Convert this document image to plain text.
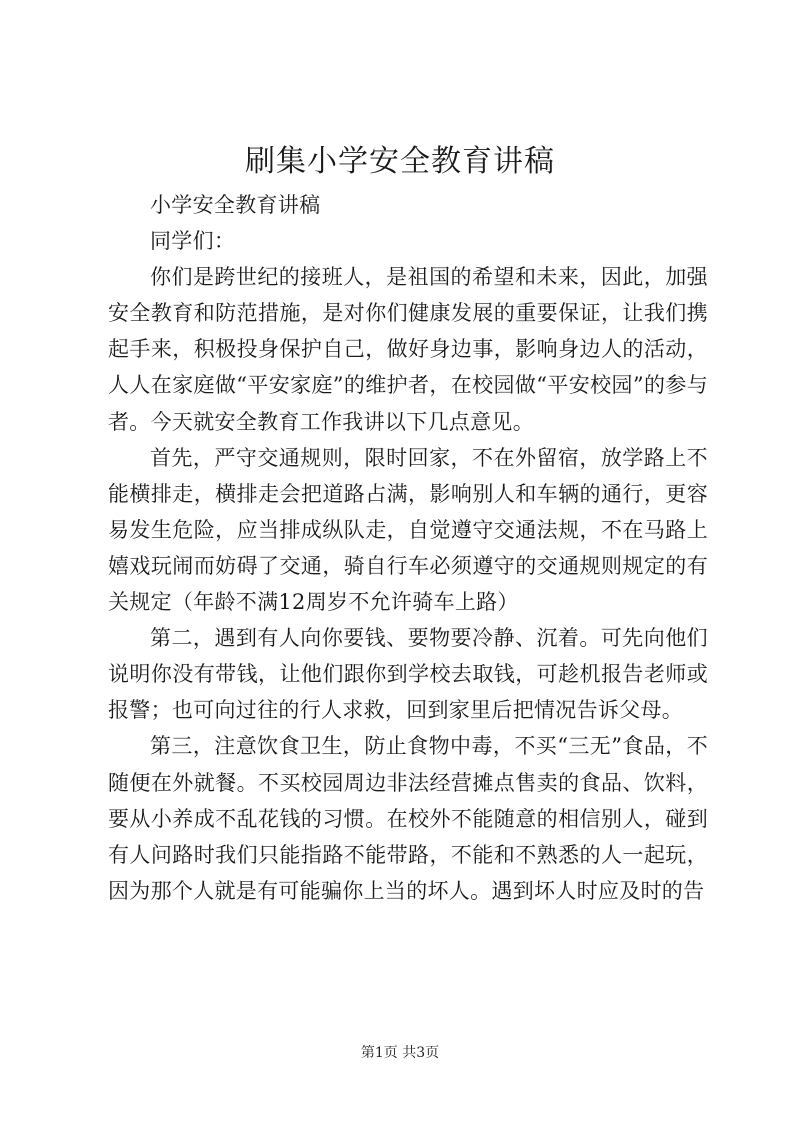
刷集小学安全教育讲稿

小学安全教育讲稿

同学们：

你们是跨世纪的接班人，是祖国的希望和未来，因此，加强安全教育和防范措施，是对你们健康发展的重要保证，让我们携起手来，积极投身保护自己，做好身边事，影响身边人的活动，人人在家庭做“平安家庭”的维护者，在校园做“平安校园”的参与者。今天就安全教育工作我讲以下几点意见。

首先，严守交通规则，限时回家，不在外留宿，放学路上不能横排走，横排走会把道路占满，影响别人和车辆的通行，更容易发生危险，应当排成纵队走，自觉遵守交通法规，不在马路上嬉戏玩闹而妨碍了交通，骑自行车必须遵守的交通规则规定的有关规定（年龄不满12周岁不允许骑车上路）

第二，遇到有人向你要钱、要物要冷静、沉着。可先向他们说明你没有带钱，让他们跟你到学校去取钱，可趁机报告老师或报警；也可向过往的行人求救，回到家里后把情况告诉父母。

第三，注意饮食卫生，防止食物中毒，不买“三无”食品，不随便在外就餐。不买校园周边非法经营摊点售卖的食品、饮料，要从小养成不乱花钱的习惯。在校外不能随意的相信别人，碰到有人问路时我们只能指路不能带路，不能和不熟悉的人一起玩，因为那个人就是有可能骗你上当的坏人。遇到坏人时应及时的告

第1页 共3页
